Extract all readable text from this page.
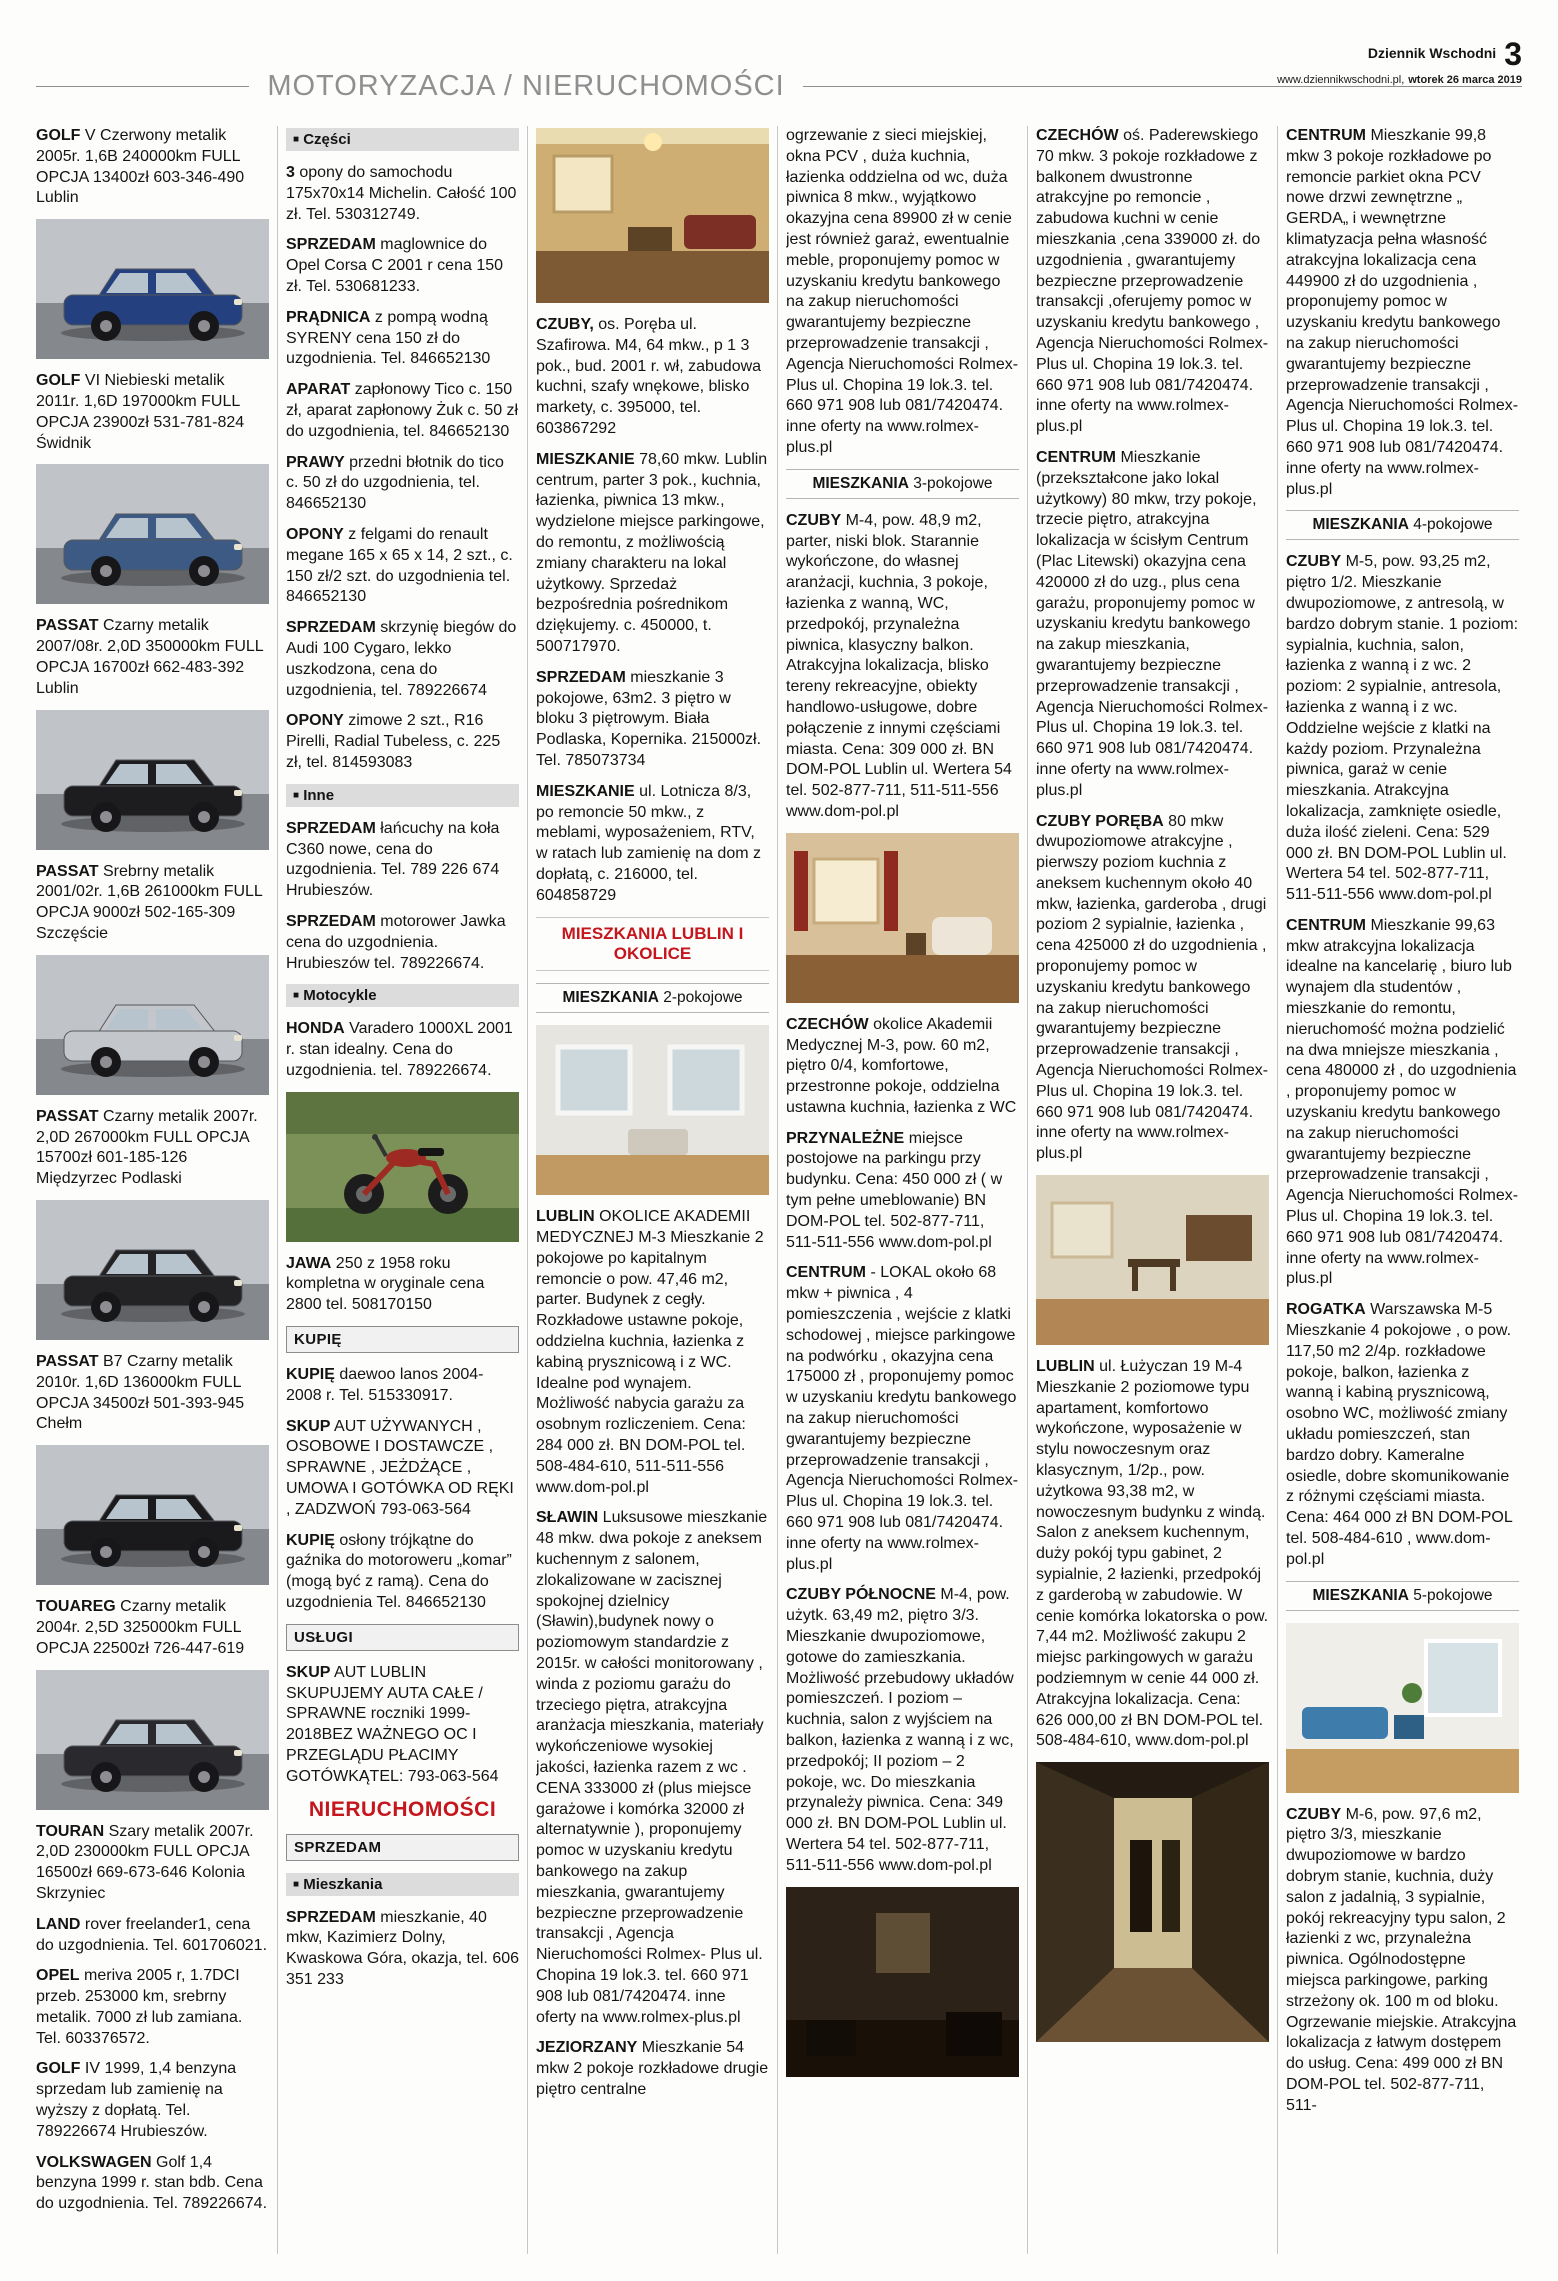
MOTORYZACJA / NIERUCHOMOŚCI
Dziennik Wschodni 3
www.dziennikwschodni.pl, wtorek 26 marca 2019

GOLF V Czerwony metalik 2005r. 1,6B 240000km FULL OPCJA 13400zł 603-346-490 Lublin

GOLF VI Niebieski metalik 2011r. 1,6D 197000km FULL OPCJA 23900zł 531-781-824 Świdnik

PASSAT Czarny metalik 2007/08r. 2,0D 350000km FULL OPCJA 16700zł 662-483-392 Lublin

PASSAT Srebrny metalik 2001/02r. 1,6B 261000km FULL OPCJA 9000zł 502-165-309 Szczęście

PASSAT Czarny metalik 2007r. 2,0D 267000km FULL OPCJA 15700zł 601-185-126 Międzyrzec Podlaski

PASSAT B7 Czarny metalik 2010r. 1,6D 136000km FULL OPCJA 34500zł 501-393-945 Chełm

TOUAREG Czarny metalik 2004r. 2,5D 325000km FULL OPCJA 22500zł 726-447-619

TOURAN Szary metalik 2007r. 2,0D 230000km FULL OPCJA 16500zł 669-673-646 Kolonia Skrzyniec

LAND rover freelander1, cena do uzgodnienia. Tel. 601706021.

OPEL meriva 2005 r, 1.7DCI przeb. 253000 km, srebrny metalik. 7000 zł lub zamiana. Tel. 603376572.

GOLF IV 1999, 1,4 benzyna sprzedam lub zamienię na wyższy z dopłatą. Tel. 789226674 Hrubieszów.

VOLKSWAGEN Golf 1,4 benzyna 1999 r. stan bdb. Cena do uzgodnienia. Tel. 789226674.

■ Części

3 opony do samochodu 175x70x14 Michelin. Całość 100 zł. Tel. 530312749.

SPRZEDAM maglownice do Opel Corsa C 2001 r cena 150 zł. Tel. 530681233.

PRĄDNICA z pompą wodną SYRENY cena 150 zł do uzgodnienia. Tel. 846652130

APARAT zapłonowy Tico c. 150 zł, aparat zapłonowy Żuk c. 50 zł do uzgodnienia, tel. 846652130

PRAWY przedni błotnik do tico c. 50 zł do uzgodnienia, tel. 846652130

OPONY z felgami do renault megane 165 x 65 x 14, 2 szt., c. 150 zł/2 szt. do uzgodnienia tel. 846652130

SPRZEDAM skrzynię biegów do Audi 100 Cygaro, lekko uszkodzona, cena do uzgodnienia, tel. 789226674

OPONY zimowe 2 szt., R16 Pirelli, Radial Tubeless, c. 225 zł, tel. 814593083

■ Inne

SPRZEDAM łańcuchy na koła C360 nowe, cena do uzgodnienia. Tel. 789 226 674 Hrubieszów.

SPRZEDAM motorower Jawka cena do uzgodnienia. Hrubieszów tel. 789226674.

■ Motocykle

HONDA Varadero 1000XL 2001 r. stan idealny. Cena do uzgodnienia. tel. 789226674.

JAWA 250 z 1958 roku kompletna w oryginale cena 2800 tel. 508170150

KUPIĘ

KUPIĘ daewoo lanos 2004-2008 r. Tel. 515330917.

SKUP AUT UŻYWANYCH , OSOBOWE I DOSTAWCZE , SPRAWNE , JEŻDŻĄCE , UMOWA I GOTÓWKA OD RĘKI , ZADZWOŃ 793-063-564

KUPIĘ osłony trójkątne do gaźnika do motoroweru „komar” (mogą być z ramą). Cena do uzgodnienia Tel. 846652130

USŁUGI

SKUP AUT LUBLIN SKUPUJEMY AUTA CAŁE / SPRAWNE roczniki 1999-2018BEZ WAŻNEGO OC I PRZEGLĄDU PŁACIMY GOTÓWKĄTEL: 793-063-564

NIERUCHOMOŚCI
SPRZEDAM
■ Mieszkania

SPRZEDAM mieszkanie, 40 mkw, Kazimierz Dolny, Kwaskowa Góra, okazja, tel. 606 351 233

CZUBY, os. Poręba ul. Szafirowa. M4, 64 mkw., p 1 3 pok., bud. 2001 r. wł, zabudowa kuchni, szafy wnękowe, blisko markety, c. 395000, tel. 603867292

MIESZKANIE 78,60 mkw. Lublin centrum, parter 3 pok., kuchnia, łazienka, piwnica 13 mkw., wydzielone miejsce parkingowe, do remontu, z możliwością zmiany charakteru na lokal użytkowy. Sprzedaż bezpośrednia pośrednikom dziękujemy. c. 450000, t. 500717970.

SPRZEDAM mieszkanie 3 pokojowe, 63m2. 3 piętro w bloku 3 piętrowym. Biała Podlaska, Kopernika. 215000zł. Tel. 785073734

MIESZKANIE ul. Lotnicza 8/3, po remoncie 50 mkw., z meblami, wyposażeniem, RTV, w ratach lub zamienię na dom z dopłatą, c. 216000, tel. 604858729

MIESZKANIA LUBLIN I OKOLICE
MIESZKANIA 2-pokojowe

LUBLIN OKOLICE AKADEMII MEDYCZNEJ M-3 Mieszkanie 2 pokojowe po kapitalnym remoncie o pow. 47,46 m2, parter. Budynek z cegły. Rozkładowe ustawne pokoje, oddzielna kuchnia, łazienka z kabiną prysznicową i z WC. Idealne pod wynajem. Możliwość nabycia garażu za osobnym rozliczeniem. Cena: 284 000 zł. BN DOM-POL tel. 508-484-610, 511-511-556 www.dom-pol.pl

SŁAWIN Luksusowe mieszkanie 48 mkw. dwa pokoje z aneksem kuchennym z salonem, zlokalizowane w zacisznej spokojnej dzielnicy (Sławin),budynek nowy o poziomowym standardzie z 2015r. w całości monitorowany , winda z poziomu garażu do trzeciego piętra, atrakcyjna aranżacja mieszkania, materiały wykończeniowe wysokiej jakości, łazienka razem z wc . CENA 333000 zł (plus miejsce garażowe i komórka 32000 zł alternatywnie ), proponujemy pomoc w uzyskaniu kredytu bankowego na zakup mieszkania, gwarantujemy bezpieczne przeprowadzenie transakcji , Agencja Nieruchomości Rolmex- Plus ul. Chopina 19 lok.3. tel. 660 971 908 lub 081/7420474. inne oferty na www.rolmex-plus.pl

JEZIORZANY Mieszkanie 54 mkw 2 pokoje rozkładowe drugie piętro centralne

ogrzewanie z sieci miejskiej, okna PCV , duża kuchnia, łazienka oddzielna od wc, duża piwnica 8 mkw., wyjątkowo okazyjna cena 89900 zł w cenie jest również garaż, ewentualnie meble, proponujemy pomoc w uzyskaniu kredytu bankowego na zakup nieruchomości gwarantujemy bezpieczne przeprowadzenie transakcji , Agencja Nieruchomości Rolmex- Plus ul. Chopina 19 lok.3. tel. 660 971 908 lub 081/7420474. inne oferty na www.rolmex-plus.pl

MIESZKANIA 3-pokojowe

CZUBY M-4, pow. 48,9 m2, parter, niski blok. Starannie wykończone, do własnej aranżacji, kuchnia, 3 pokoje, łazienka z wanną, WC, przedpokój, przynależna piwnica, klasyczny balkon. Atrakcyjna lokalizacja, blisko tereny rekreacyjne, obiekty handlowo-usługowe, dobre połączenie z innymi częściami miasta. Cena: 309 000 zł. BN DOM-POL Lublin ul. Wertera 54 tel. 502-877-711, 511-511-556 www.dom-pol.pl

CZECHÓW okolice Akademii Medycznej M-3, pow. 60 m2, piętro 0/4, komfortowe, przestronne pokoje, oddzielna ustawna kuchnia, łazienka z WC

PRZYNALEŻNE miejsce postojowe na parkingu przy budynku. Cena: 450 000 zł ( w tym pełne umeblowanie) BN DOM-POL tel. 502-877-711, 511-511-556 www.dom-pol.pl

CENTRUM - LOKAL około 68 mkw + piwnica , 4 pomieszczenia , wejście z klatki schodowej , miejsce parkingowe na podwórku , okazyjna cena 175000 zł , proponujemy pomoc w uzyskaniu kredytu bankowego na zakup nieruchomości gwarantujemy bezpieczne przeprowadzenie transakcji , Agencja Nieruchomości Rolmex- Plus ul. Chopina 19 lok.3. tel. 660 971 908 lub 081/7420474. inne oferty na www.rolmex-plus.pl

CZUBY PÓŁNOCNE M-4, pow. użytk. 63,49 m2, piętro 3/3. Mieszkanie dwupoziomowe, gotowe do zamieszkania. Możliwość przebudowy układów pomieszczeń. I poziom – kuchnia, salon z wyjściem na balkon, łazienka z wanną i z wc, przedpokój; II poziom – 2 pokoje, wc. Do mieszkania przynależy piwnica. Cena: 349 000 zł. BN DOM-POL Lublin ul. Wertera 54 tel. 502-877-711, 511-511-556 www.dom-pol.pl

CZECHÓW oś. Paderewskiego 70 mkw. 3 pokoje rozkładowe z balkonem dwustronne atrakcyjne po remoncie , zabudowa kuchni w cenie mieszkania ,cena 339000 zł. do uzgodnienia , gwarantujemy bezpieczne przeprowadzenie transakcji ,oferujemy pomoc w uzyskaniu kredytu bankowego , Agencja Nieruchomości Rolmex- Plus ul. Chopina 19 lok.3. tel. 660 971 908 lub 081/7420474. inne oferty na www.rolmex-plus.pl

CENTRUM Mieszkanie (przekształcone jako lokal użytkowy) 80 mkw, trzy pokoje, trzecie piętro, atrakcyjna lokalizacja w ścisłym Centrum (Plac Litewski) okazyjna cena 420000 zł do uzg., plus cena garażu, proponujemy pomoc w uzyskaniu kredytu bankowego na zakup mieszkania, gwarantujemy bezpieczne przeprowadzenie transakcji , Agencja Nieruchomości Rolmex- Plus ul. Chopina 19 lok.3. tel. 660 971 908 lub 081/7420474. inne oferty na www.rolmex-plus.pl

CZUBY PORĘBA 80 mkw dwupoziomowe atrakcyjne , pierwszy poziom kuchnia z aneksem kuchennym około 40 mkw, łazienka, garderoba , drugi poziom 2 sypialnie, łazienka , cena 425000 zł do uzgodnienia , proponujemy pomoc w uzyskaniu kredytu bankowego na zakup nieruchomości gwarantujemy bezpieczne przeprowadzenie transakcji , Agencja Nieruchomości Rolmex- Plus ul. Chopina 19 lok.3. tel. 660 971 908 lub 081/7420474. inne oferty na www.rolmex-plus.pl

LUBLIN ul. Łużyczan 19 M-4 Mieszkanie 2 poziomowe typu apartament, komfortowo wykończone, wyposażenie w stylu nowoczesnym oraz klasycznym, 1/2p., pow. użytkowa 93,38 m2, w nowoczesnym budynku z windą. Salon z aneksem kuchennym, duży pokój typu gabinet, 2 sypialnie, 2 łazienki, przedpokój z garderobą w zabudowie. W cenie komórka lokatorska o pow. 7,44 m2. Możliwość zakupu 2 miejsc parkingowych w garażu podziemnym w cenie 44 000 zł. Atrakcyjna lokalizacja. Cena: 626 000,00 zł BN DOM-POL tel. 508-484-610, www.dom-pol.pl

CENTRUM Mieszkanie 99,8 mkw 3 pokoje rozkładowe po remoncie parkiet okna PCV nowe drzwi zewnętrzne „ GERDA„ i wewnętrzne klimatyzacja pełna własność atrakcyjna lokalizacja cena 449900 zł do uzgodnienia , proponujemy pomoc w uzyskaniu kredytu bankowego na zakup nieruchomości gwarantujemy bezpieczne przeprowadzenie transakcji , Agencja Nieruchomości Rolmex- Plus ul. Chopina 19 lok.3. tel. 660 971 908 lub 081/7420474. inne oferty na www.rolmex-plus.pl

MIESZKANIA 4-pokojowe

CZUBY M-5, pow. 93,25 m2, piętro 1/2. Mieszkanie dwupoziomowe, z antresolą, w bardzo dobrym stanie. 1 poziom: sypialnia, kuchnia, salon, łazienka z wanną i z wc. 2 poziom: 2 sypialnie, antresola, łazienka z wanną i z wc. Oddzielne wejście z klatki na każdy poziom. Przynależna piwnica, garaż w cenie mieszkania. Atrakcyjna lokalizacja, zamknięte osiedle, duża ilość zieleni. Cena: 529 000 zł. BN DOM-POL Lublin ul. Wertera 54 tel. 502-877-711, 511-511-556 www.dom-pol.pl

CENTRUM Mieszkanie 99,63 mkw atrakcyjna lokalizacja idealne na kancelarię , biuro lub wynajem dla studentów , mieszkanie do remontu, nieruchomość można podzielić na dwa mniejsze mieszkania , cena 480000 zł , do uzgodnienia , proponujemy pomoc w uzyskaniu kredytu bankowego na zakup nieruchomości gwarantujemy bezpieczne przeprowadzenie transakcji , Agencja Nieruchomości Rolmex- Plus ul. Chopina 19 lok.3. tel. 660 971 908 lub 081/7420474. inne oferty na www.rolmex-plus.pl

ROGATKA Warszawska M-5 Mieszkanie 4 pokojowe , o pow. 117,50 m2 2/4p. rozkładowe pokoje, balkon, łazienka z wanną i kabiną prysznicową, osobno WC, możliwość zmiany układu pomieszczeń, stan bardzo dobry. Kameralne osiedle, dobre skomunikowanie z różnymi częściami miasta. Cena: 464 000 zł BN DOM-POL tel. 508-484-610 , www.dom-pol.pl

MIESZKANIA 5-pokojowe

CZUBY M-6, pow. 97,6 m2, piętro 3/3, mieszkanie dwupoziomowe w bardzo dobrym stanie, kuchnia, duży salon z jadalnią, 3 sypialnie, pokój rekreacyjny typu salon, 2 łazienki z wc, przynależna piwnica. Ogólnodostępne miejsca parkingowe, parking strzeżony ok. 100 m od bloku. Ogrzewanie miejskie. Atrakcyjna lokalizacja z łatwym dostępem do usług. Cena: 499 000 zł BN DOM-POL tel. 502-877-711, 511-
